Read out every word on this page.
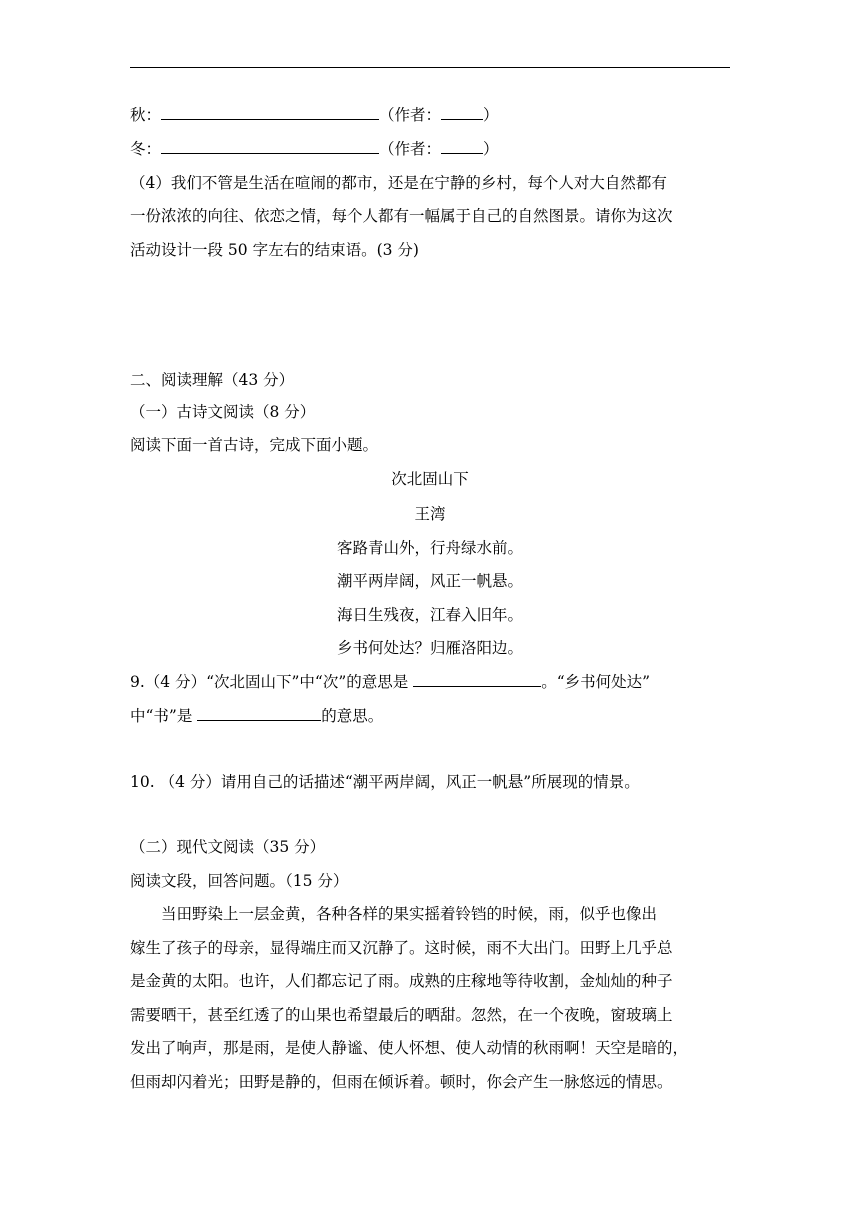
秋：	（作者：	）
冬：	（作者：	）
（4）我们不管是生活在喧闹的都市，还是在宁静的乡村，每个人对大自然都有
一份浓浓的向往、依恋之情，每个人都有一幅属于自己的自然图景。请你为这次
活动设计一段 50 字左右的结束语。(3 分)
二、阅读理解（43 分）
（一）古诗文阅读（8 分）
阅读下面一首古诗，完成下面小题。
次北固山下
王湾
客路青山外，行舟绿水前。
潮平两岸阔，风正一帆悬。
海日生残夜，江春入旧年。
乡书何处达？归雁洛阳边。
9.（4 分）“次北固山下”中“次”的意思是	。“乡书何处达”
中“书”是	的意思。
10. （4 分）请用自己的话描述“潮平两岸阔，风正一帆悬”所展现的情景。
（二）现代文阅读（35 分）
阅读文段，回答问题。（15 分）
当田野染上一层金黄，各种各样的果实摇着铃铛的时候，雨，似乎也像出
嫁生了孩子的母亲，显得端庄而又沉静了。这时候，雨不大出门。田野上几乎总
是金黄的太阳。也许，人们都忘记了雨。成熟的庄稼地等待收割，金灿灿的种子
需要晒干，甚至红透了的山果也希望最后的晒甜。忽然，在一个夜晚，窗玻璃上
发出了响声，那是雨，是使人静谧、使人怀想、使人动情的秋雨啊！天空是暗的，
但雨却闪着光；田野是静的，但雨在倾诉着。顿时，你会产生一脉悠远的情思。
